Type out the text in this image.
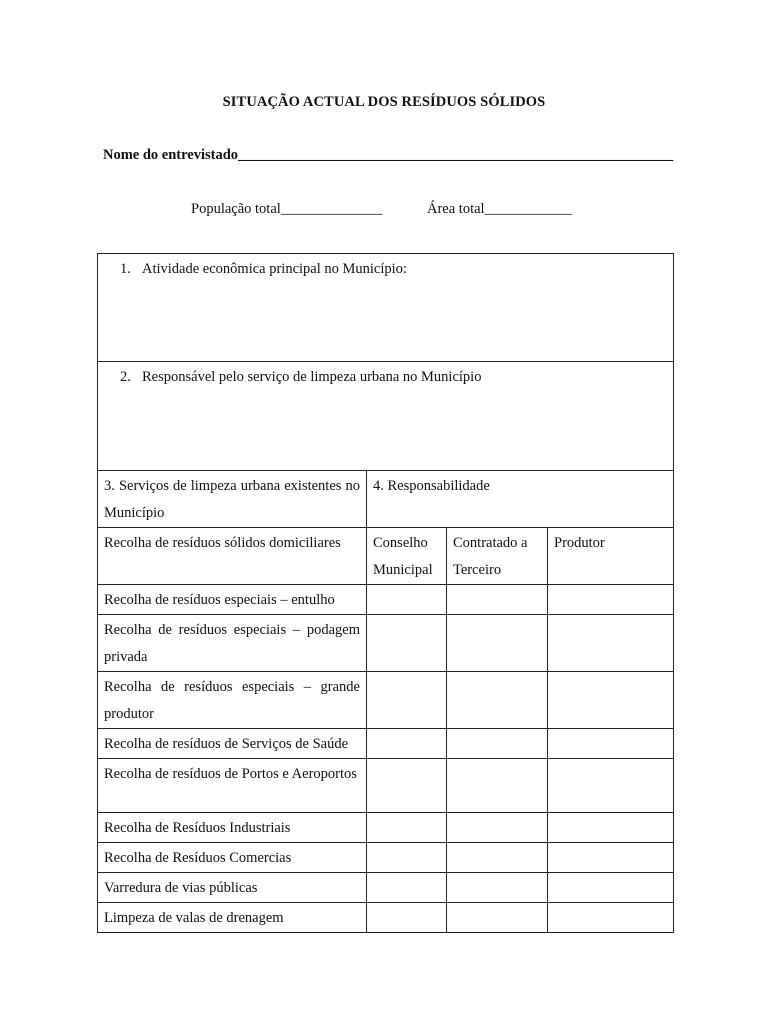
SITUAÇÃO ACTUAL DOS RESÍDUOS SÓLIDOS
Nome do entrevistado____________________________________________________________
População total______________	Área total____________
1. Atividade econômica principal no Município:			
2. Responsável pelo serviço de limpeza urbana no Município			
3. Serviços de limpeza urbana existentes no Município	4. Responsabilidade		
Recolha de resíduos sólidos domiciliares	Conselho Municipal	Contratado a Terceiro	Produtor
Recolha de resíduos especiais – entulho			
Recolha de resíduos especiais – podagem privada			
Recolha de resíduos especiais – grande produtor			
Recolha de resíduos de Serviços de Saúde			
Recolha de resíduos de Portos e Aeroportos			
Recolha de Resíduos Industriais			
Recolha de Resíduos Comercias			
Varredura de vias públicas			
Limpeza de valas de drenagem			
